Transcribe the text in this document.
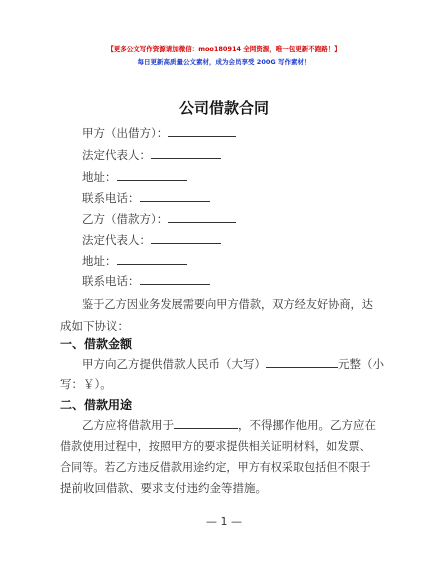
【更多公文写作资源请加微信：moo180914 全网资源，唯一包更新不跑路！】
每日更新高质量公文素材，成为会员享受 200G 写作素材！
公司借款合同
甲方（出借方）：
法定代表人：
地址：
联系电话：
乙方（借款方）：
法定代表人：
地址：
联系电话：
鉴于乙方因业务发展需要向甲方借款，双方经友好协商，达
成如下协议：
一、借款金额
甲方向乙方提供借款人民币（大写）	元整（小
写：￥）。
二、借款用途
乙方应将借款用于	，不得挪作他用。乙方应在
借款使用过程中，按照甲方的要求提供相关证明材料，如发票、
合同等。若乙方违反借款用途约定，甲方有权采取包括但不限于
提前收回借款、要求支付违约金等措施。
— 1 —
